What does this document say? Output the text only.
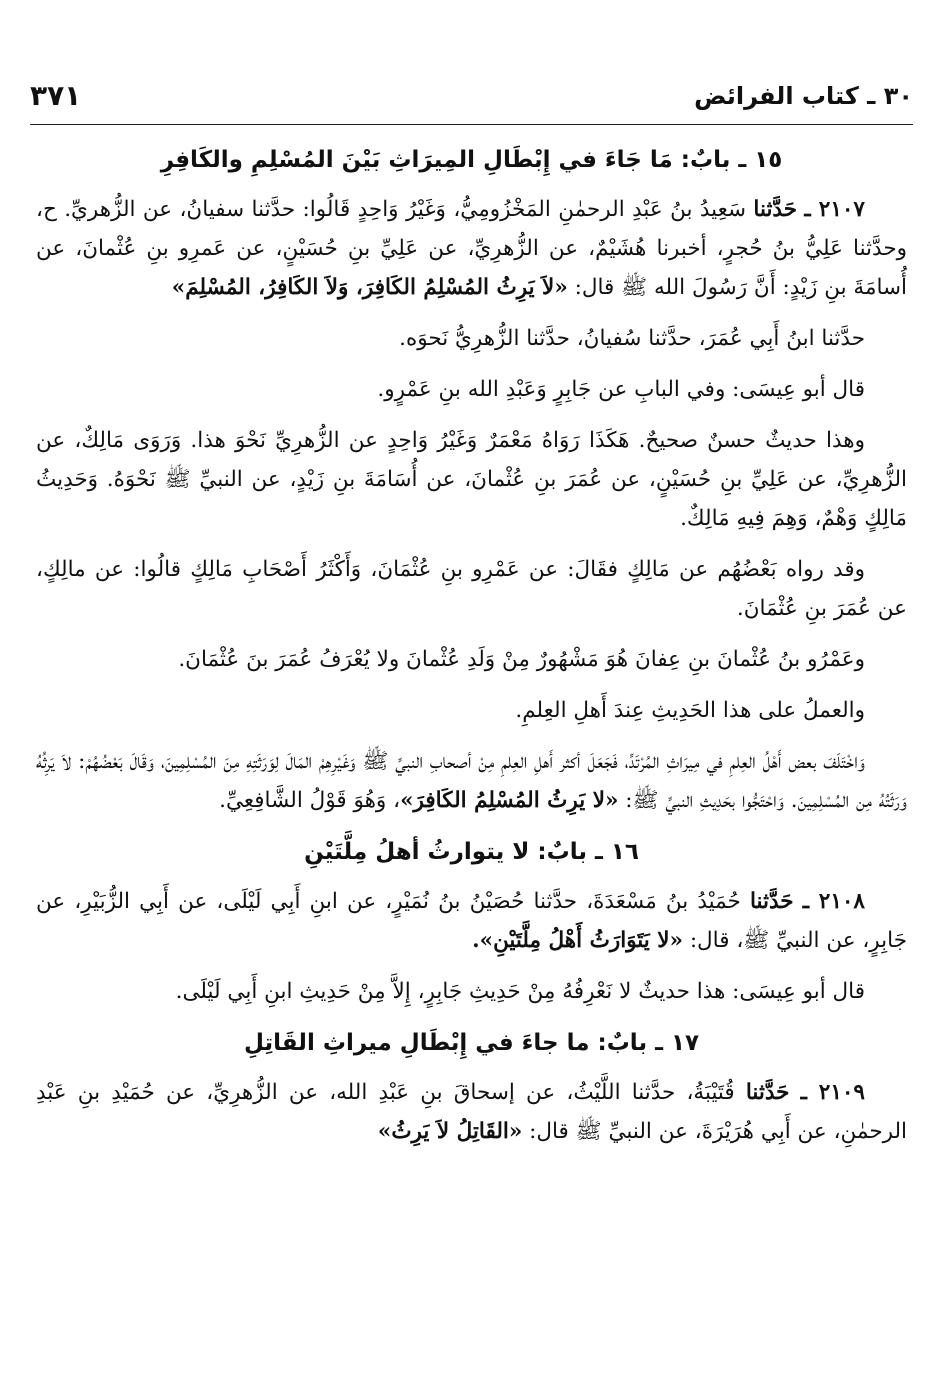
٣٠ ـ كتاب الفرائض
٣٧١
١٥ ـ بابٌ: مَا جَاءَ في إِبْطَالِ المِيرَاثِ بَيْنَ المُسْلِمِ والكَافِرِ

٢١٠٧ ـ حَدَّثنا سَعِيدُ بنُ عَبْدِ الرحمٰنِ المَخْزُومِيُّ، وَغَيْرُ وَاحِدٍ قَالُوا: حدَّثنا سفيانُ، عن الزُّهريِّ. ح، وحدَّثنا عَلِيُّ بنُ حُجرٍ، أخبرنا هُشَيْمٌ، عن الزُّهرِيِّ، عن عَلِيِّ بنِ حُسَيْنٍ، عن عَمرِو بنِ عُثْمانَ، عن أُسامَةَ بنِ زَيْدٍ: أَنَّ رَسُولَ الله ﷺ قال: «لاَ يَرِثُ المُسْلِمُ الكَافِرَ، وَلاَ الكَافِرُ، المُسْلِمَ»

حدَّثنا ابنُ أَبِي عُمَرَ، حدَّثنا سُفيانُ، حدَّثنا الزُّهرِيُّ نَحوَه.

قال أبو عِيسَى: وفي البابِ عن جَابِرٍ وَعَبْدِ الله بنِ عَمْرٍو.

وهذا حديثٌ حسنٌ صحيحٌ. هَكَذَا رَوَاهُ مَعْمَرٌ وَغَيْرُ وَاحِدٍ عن الزُّهرِيِّ نَحْوَ هذا. وَرَوَى مَالِكٌ، عن الزُّهرِيِّ، عن عَلِيِّ بنِ حُسَيْنٍ، عن عُمَرَ بنِ عُثْمانَ، عن أُسَامَةَ بنِ زَيْدٍ، عن النبيِّ ﷺ نَحْوَهُ. وَحَدِيثُ مَالِكٍ وَهْمٌ، وَهِمَ فِيهِ مَالِكٌ.

وقد رواه بَعْضُهُم عن مَالِكٍ فقَالَ: عن عَمْرِو بنِ عُثْمَانَ، وَأَكْثَرُ أَصْحَابِ مَالِكٍ قالُوا: عن مالِكٍ، عن عُمَرَ بنِ عُثْمَانَ.

وعَمْرُو بنُ عُثْمانَ بنِ عِفانَ هُوَ مَشْهُورٌ مِنْ وَلَدِ عُثْمانَ ولا يُعْرَفُ عُمَرَ بنَ عُثْمَانَ.

والعملُ على هذا الحَدِيثِ عِندَ أَهلِ العِلمِ.

وَاخْتَلَفَ بعض أَهْلُ العِلمِ في مِيرَاثِ المُرْتَدِّ، فَجَعَلَ أكثر أَهلِ العِلمِ مِنْ أصحابِ النبيِّ ﷺ وَغَيْرِهِمْ المَالَ لِوَرَثَتِهِ مِنَ المُسْلِمِينَ، وَقَالَ بَعْضُهُمْ: لاَ يَرِثُهُ وَرَثَتُهُ مِن المُسْلِمِينَ. وَاحْتَجُّوا بحَدِيثِ النبيِّ ﷺ: «لا يَرِثُ المُسْلِمُ الكَافِرَ»، وَهُوَ قَوْلُ الشَّافِعِيِّ.

١٦ ـ بابٌ: لا يتوارثُ أهلُ مِلَّتَيْنِ

٢١٠٨ ـ حَدَّثنا حُمَيْدُ بنُ مَسْعَدَةَ، حدَّثنا حُصَيْنُ بنُ نُمَيْرٍ، عن ابنِ أَبِي لَيْلَى، عن أَبِي الزُّبَيْرِ، عن جَابِرٍ، عن النبيِّ ﷺ، قال: «لا يَتَوَارَثُ أَهْلُ مِلَّتَيْنِ».

قال أبو عِيسَى: هذا حديثٌ لا نَعْرِفُهُ مِنْ حَدِيثِ جَابِرٍ، إِلاَّ مِنْ حَدِيثِ ابنِ أَبِي لَيْلَى.

١٧ ـ بابٌ: ما جاءَ في إِبْطَالِ ميراثِ القَاتِلِ

٢١٠٩ ـ حَدَّثنا قُتَيْبَةُ، حدَّثنا اللَّيْثُ، عن إسحاقَ بنِ عَبْدِ الله، عن الزُّهرِيِّ، عن حُمَيْدِ بنِ عَبْدِ الرحمٰنِ، عن أَبِي هُرَيْرَةَ، عن النبيِّ ﷺ قال: «القَاتِلُ لاَ يَرِثُ»
